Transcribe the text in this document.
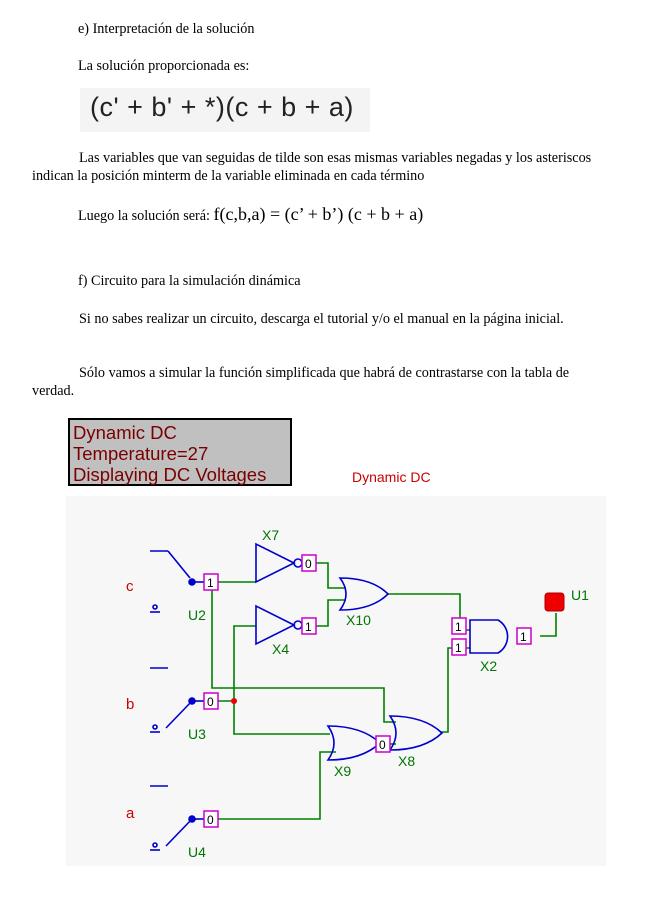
e) Interpretación de la solución

La solución proporcionada es:

(c' + b' + *)(c + b + a)

Las variables que van seguidas de tilde son esas mismas variables negadas y los asteriscos indican la posición minterm de la variable eliminada en cada término

Luego la solución será: f(c,b,a) = (c’ + b’) (c + b + a)

f) Circuito para la simulación dinámica

Si no sabes realizar un circuito, descarga el tutorial y/o el manual en la página inicial.

Sólo vamos a simular la función simplificada que habrá de contrastarse con la tabla de verdad.

Dynamic DC
Temperature=27
Displaying DC Voltages
c
b
a
U2
U3
U4
X7
X4
X10
X9
X8
X2
U1
1
0
0
0
1
0
1
1
1
Dynamic DC
